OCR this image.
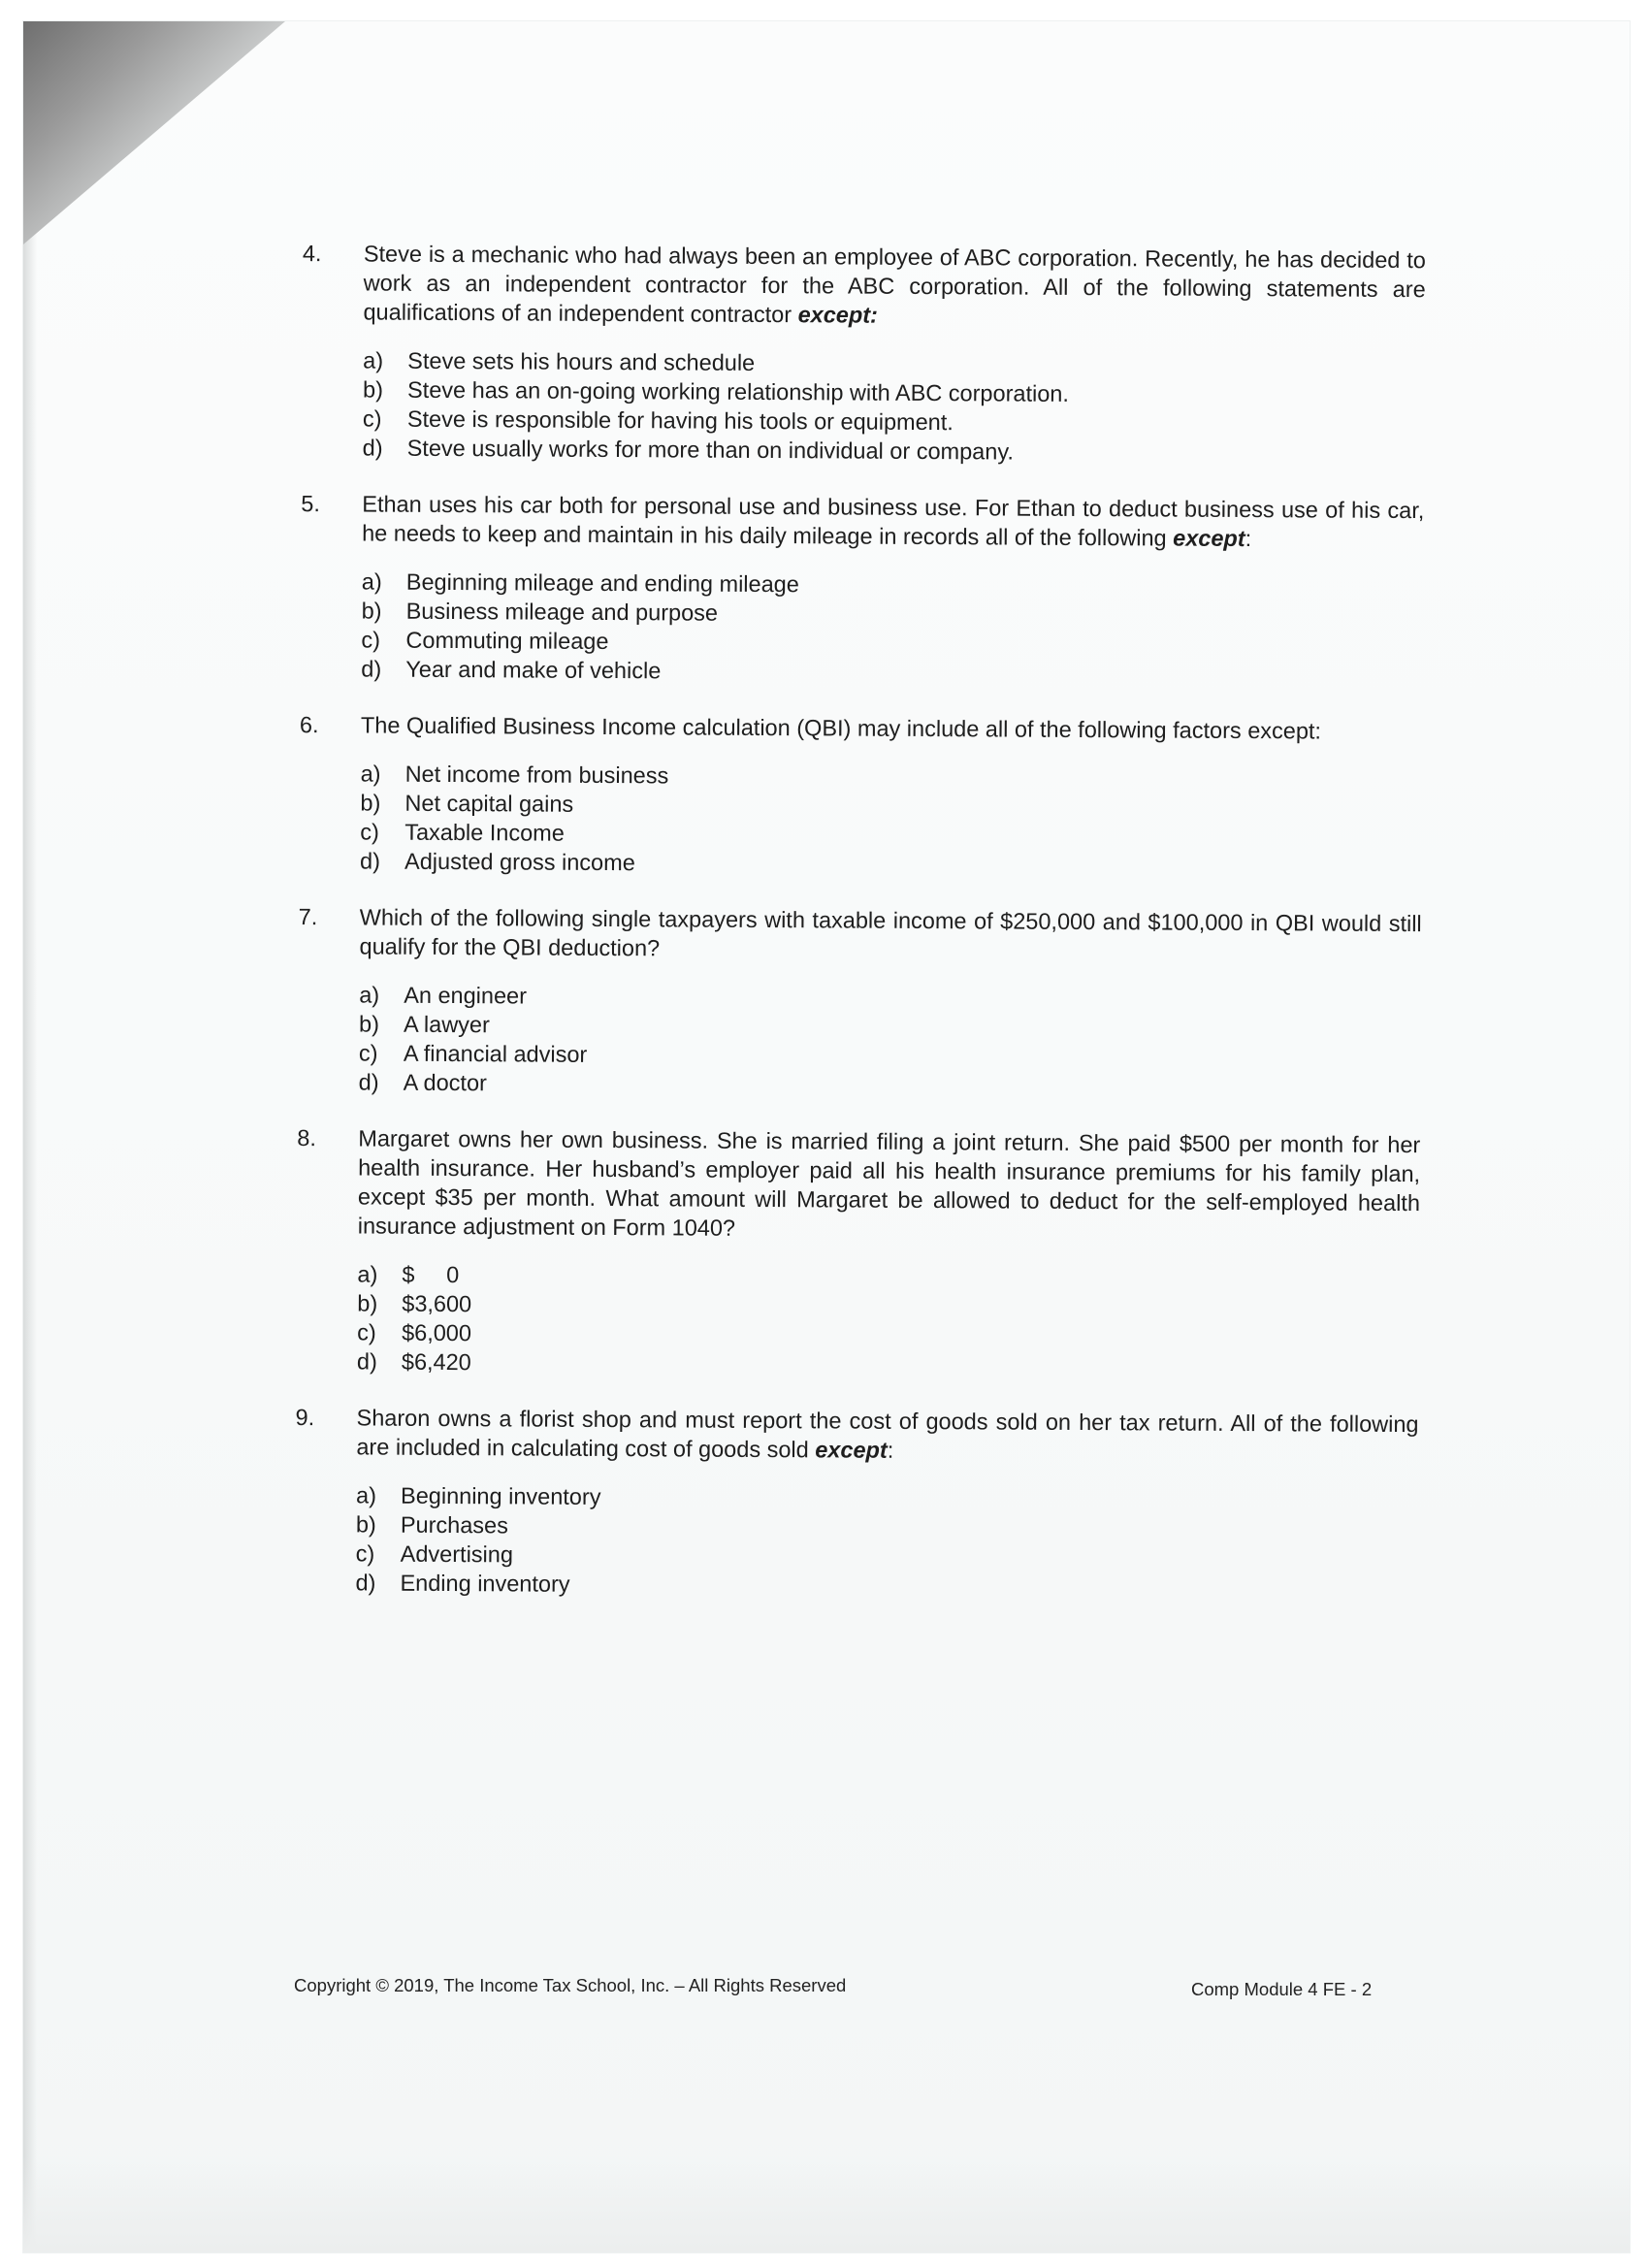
4. Steve is a mechanic who had always been an employee of ABC corporation. Recently, he has decided to work as an independent contractor for the ABC corporation. All of the following statements are qualifications of an independent contractor except:
a)	Steve sets his hours and schedule
b)	Steve has an on-going working relationship with ABC corporation.
c)	Steve is responsible for having his tools or equipment.
d)	Steve usually works for more than on individual or company.
5. Ethan uses his car both for personal use and business use. For Ethan to deduct business use of his car, he needs to keep and maintain in his daily mileage in records all of the following except:
a)	Beginning mileage and ending mileage
b)	Business mileage and purpose
c)	Commuting mileage
d)	Year and make of vehicle
6. The Qualified Business Income calculation (QBI) may include all of the following factors except:
a)	Net income from business
b)	Net capital gains
c)	Taxable Income
d)	Adjusted gross income
7. Which of the following single taxpayers with taxable income of $250,000 and $100,000 in QBI would still qualify for the QBI deduction?
a)	An engineer
b)	A lawyer
c)	A financial advisor
d)	A doctor
8. Margaret owns her own business. She is married filing a joint return. She paid $500 per month for her health insurance. Her husband’s employer paid all his health insurance premiums for his family plan, except $35 per month. What amount will Margaret be allowed to deduct for the self-employed health insurance adjustment on Form 1040?
a)	$     0
b)	$3,600
c)	$6,000
d)	$6,420
9. Sharon owns a florist shop and must report the cost of goods sold on her tax return. All of the following are included in calculating cost of goods sold except:
a)	Beginning inventory
b)	Purchases
c)	Advertising
d)	Ending inventory
Copyright © 2019, The Income Tax School, Inc. – All Rights Reserved	Comp Module 4 FE - 2
